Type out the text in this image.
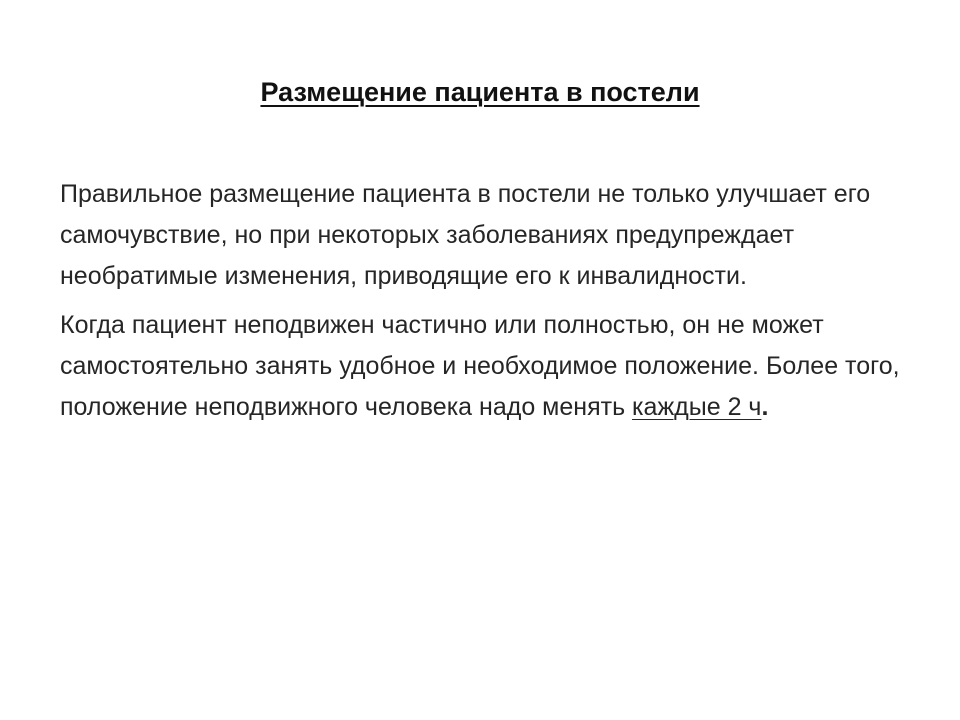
Размещение пациента в постели

Правильное размещение пациента в постели не только улучшает его самочувствие, но при некоторых заболеваниях предупреждает необратимые изменения, приводящие его к инвалидности.

Когда пациент неподвижен частично или полностью, он не может самостоятельно занять удобное и необходимое положение. Более того, положение неподвижного человека надо менять каждые 2 ч.
